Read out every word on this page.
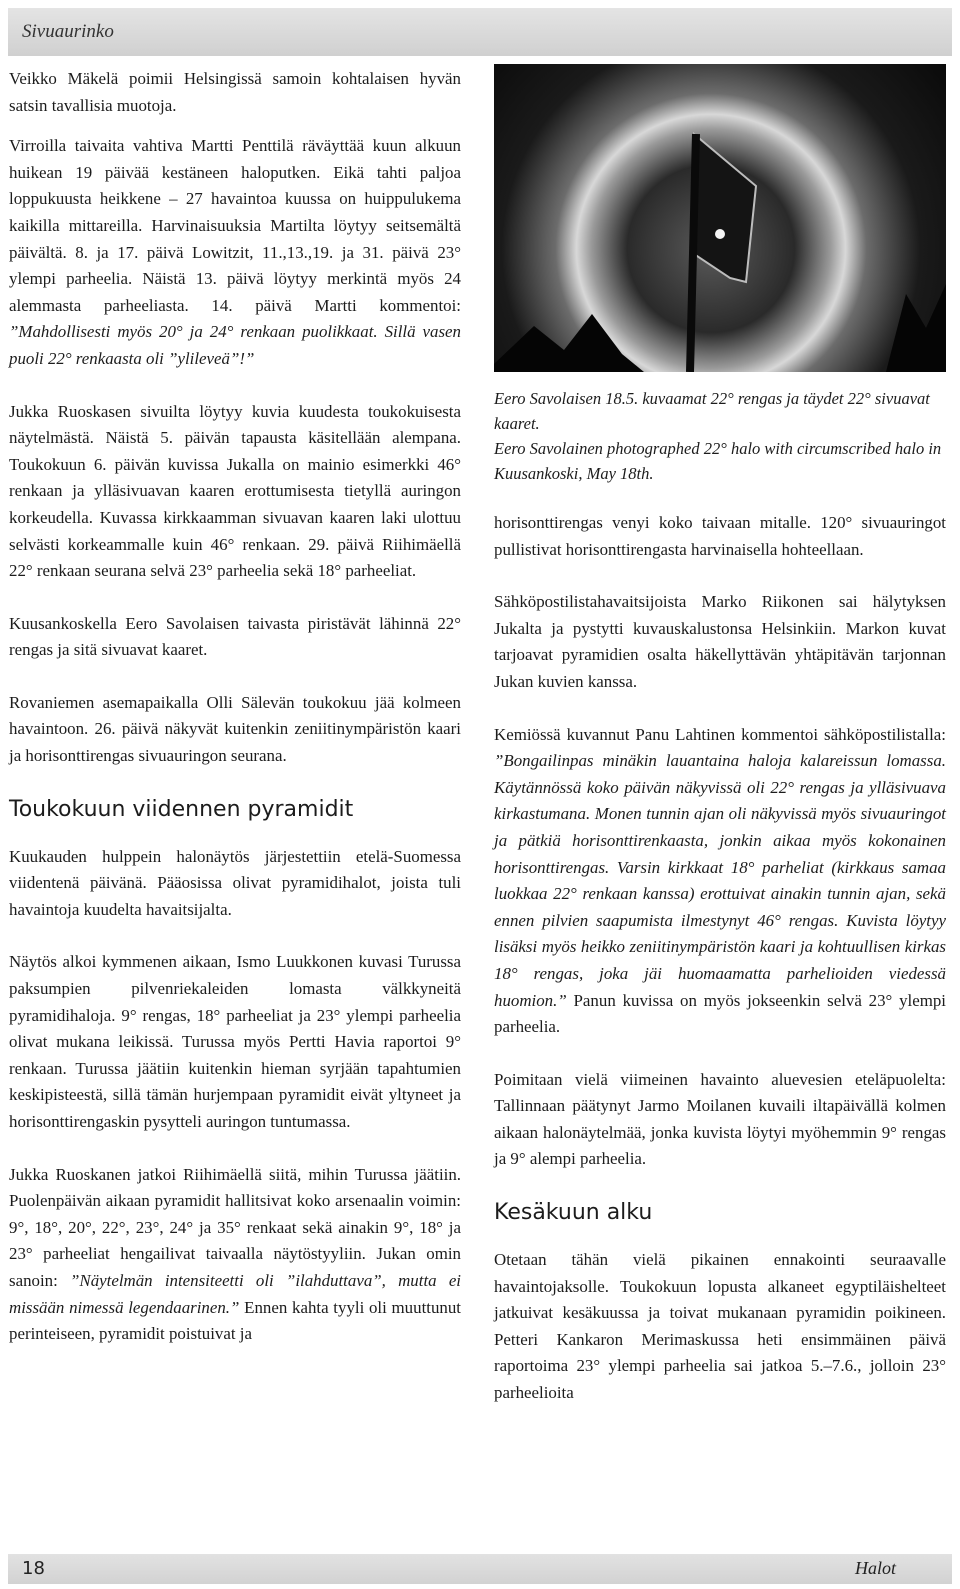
Sivuaurinko

Veikko Mäkelä poimii Helsingissä samoin kohtalaisen hyvän satsin tavallisia muotoja.

Virroilla taivaita vahtiva Martti Penttilä räväyttää kuun alkuun huikean 19 päivää kestäneen haloputken. Eikä tahti paljoa loppukuusta heikkene – 27 havaintoa kuussa on huippulukema kaikilla mittareilla. Harvinaisuuksia Martilta löytyy seitsemältä päivältä. 8. ja 17. päivä Lowitzit, 11.,13.,19. ja 31. päivä 23° ylempi parheelia. Näistä 13. päivä löytyy merkintä myös 24 alemmasta parheeliasta. 14. päivä Martti kommentoi: ”Mahdollisesti myös 20° ja 24° renkaan puolikkaat. Sillä vasen puoli 22° renkaasta oli ”ylileveä”!”

Jukka Ruoskasen sivuilta löytyy kuvia kuudesta toukokuisesta näytelmästä. Näistä 5. päivän tapausta käsitellään alempana. Toukokuun 6. päivän kuvissa Jukalla on mainio esimerkki 46° renkaan ja ylläsivuavan kaaren erottumisesta tietyllä auringon korkeudella. Kuvassa kirkkaamman sivuavan kaaren laki ulottuu selvästi korkeammalle kuin 46° renkaan. 29. päivä Riihimäellä 22° renkaan seurana selvä 23° parheelia sekä 18° parheeliat.

Kuusankoskella Eero Savolaisen taivasta piristävät lähinnä 22° rengas ja sitä sivuavat kaaret.

Rovaniemen asemapaikalla Olli Sälevän toukokuu jää kolmeen havaintoon. 26. päivä näkyvät kuitenkin zeniitinympäristön kaari ja horisonttirengas sivuauringon seurana.

Toukokuun viidennen pyramidit

Kuukauden hulppein halonäytös järjestettiin etelä-Suomessa viidentenä päivänä. Pääosissa olivat pyramidihalot, joista tuli havaintoja kuudelta havaitsijalta.

Näytös alkoi kymmenen aikaan, Ismo Luukkonen kuvasi Turussa paksumpien pilvenriekaleiden lomasta välkkyneitä pyramidihaloja. 9° rengas, 18° parheeliat ja 23° ylempi parheelia olivat mukana leikissä. Turussa myös Pertti Havia raportoi 9° renkaan. Turussa jäätiin kuitenkin hieman syrjään tapahtumien keskipisteestä, sillä tämän hurjempaan pyramidit eivät yltyneet ja horisonttirengaskin pysytteli auringon tuntumassa.

Jukka Ruoskanen jatkoi Riihimäellä siitä, mihin Turussa jäätiin. Puolenpäivän aikaan pyramidit hallitsivat koko arsenaalin voimin: 9°, 18°, 20°, 22°, 23°, 24° ja 35° renkaat sekä ainakin 9°, 18° ja 23° parheeliat hengailivat taivaalla näytöstyyliin. Jukan omin sanoin: ”Näytelmän intensiteetti oli ”ilahduttava”, mutta ei missään nimessä legendaarinen.” Ennen kahta tyyli oli muuttunut perinteiseen, pyramidit poistuivat ja

Eero Savolaisen 18.5. kuvaamat 22° rengas ja täydet 22° sivuavat kaaret.

Eero Savolainen photographed 22° halo with circumscribed halo in Kuusankoski, May 18th.

horisonttirengas venyi koko taivaan mitalle. 120° sivuauringot pullistivat horisonttirengasta harvinaisella hohteellaan.

Sähköpostilistahavaitsijoista Marko Riikonen sai hälytyksen Jukalta ja pystytti kuvauskalustonsa Helsinkiin. Markon kuvat tarjoavat pyramidien osalta häkellyttävän yhtäpitävän tarjonnan Jukan kuvien kanssa.

Kemiössä kuvannut Panu Lahtinen kommentoi sähköpostilistalla: ”Bongailinpas minäkin lauantaina haloja kalareissun lomassa. Käytännössä koko päivän näkyvissä oli 22° rengas ja ylläsivuava kirkastumana. Monen tunnin ajan oli näkyvissä myös sivuauringot ja pätkiä horisonttirenkaasta, jonkin aikaa myös kokonainen horisonttirengas. Varsin kirkkaat 18° parheliat (kirkkaus samaa luokkaa 22° renkaan kanssa) erottuivat ainakin tunnin ajan, sekä ennen pilvien saapumista ilmestynyt 46° rengas. Kuvista löytyy lisäksi myös heikko zeniitinympäristön kaari ja kohtuullisen kirkas 18° rengas, joka jäi huomaamatta parhelioiden viedessä huomion.” Panun kuvissa on myös jokseenkin selvä 23° ylempi parheelia.

Poimitaan vielä viimeinen havainto aluevesien eteläpuolelta: Tallinnaan päätynyt Jarmo Moilanen kuvaili iltapäivällä kolmen aikaan halonäytelmää, jonka kuvista löytyi myöhemmin 9° rengas ja 9° alempi parheelia.

Kesäkuun alku

Otetaan tähän vielä pikainen ennakointi seuraavalle havaintojaksolle. Toukokuun lopusta alkaneet egyptiläishelteet jatkuivat kesäkuussa ja toivat mukanaan pyramidin poikineen. Petteri Kankaron Merimaskussa heti ensimmäinen päivä raportoima 23° ylempi parheelia sai jatkoa 5.–7.6., jolloin 23° parheelioita

18	Halot
